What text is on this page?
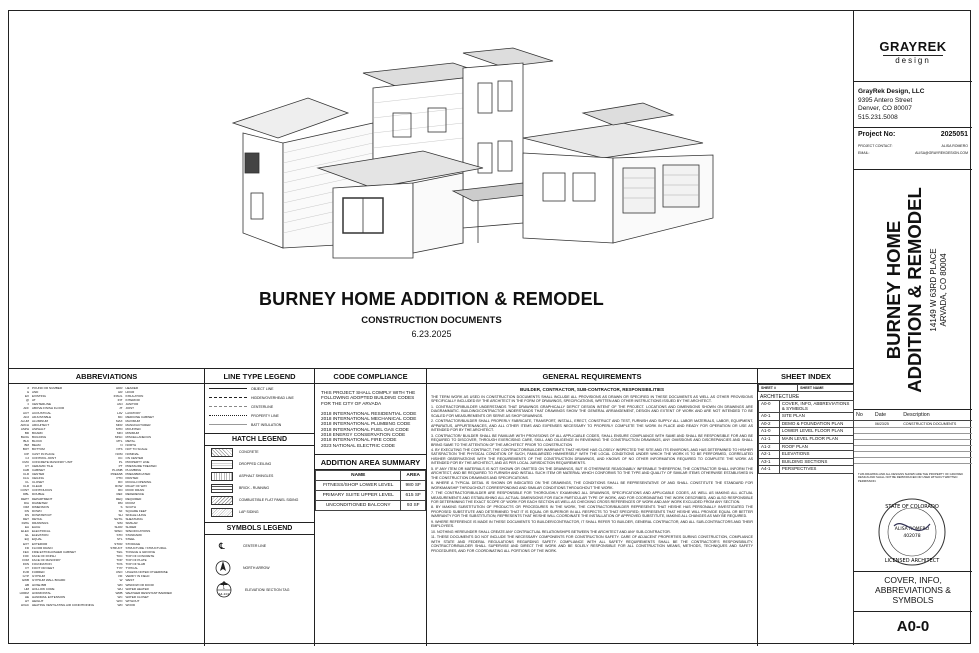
BURNEY HOME ADDITION & REMODEL
CONSTRUCTION DOCUMENTS
6.23.2025
ABBREVIATIONS
# POUND OR NUMBER
& AND
EX EXISTING
@ AT
¢ CENTERLINE
AFF ABOVE FINISH FLOOR
ACT ACOUSTICAL
ADJ ADJUSTABLE
ALUM ALUMINUM
ARCH ARCHITECT
ASPH ASPHALT
BD BOARD
BLDG BUILDING
BLK BLOCK
BM BEAM
BOT BOTTOM
CIP CAST IN PLACE
CJ CONTROL JOINT
CMU CONCRETE MASONRY UNIT
CT CERAMIC TILE
CAB CABINET
CLR CENTER
CLG CEILING
CL CLOSET
CLR CLEAR
CONT CONTINUOUS
DBL DOUBLE
DEPT DEPARTMENT
DIA DIAMETER
DIM DIMENSION
DN DOWN
DS DOWNSPOUT
DET DETAIL
DWG DRAWINGS
EA EACH
ELEC ELECTRICAL
EL ELEVATION
EQ EQUAL
EXT EXTERIOR
FD FLOOR DRAIN
FEC FIRE EXTINGUISHER CABINET
FOF FACE OF FINISH
FOM FACE OF MASONRY
FDN FOUNDATION
FT FOOT OR FEET
FUR FURRED
GYP GYPSUM
GWB GYPSUM WALL BOARD
HB HOSE BIB
HM HOLLOW CORE
HORIZ HORIZONTAL
HE HANDRAIL EXTENSION
HT HEIGHT
HVAC HEATING VENTILATING AIR CONDITIONING
HDR HEADER
HR HOUR
INSUL INSULATION
INT INTERIOR
JAN JANITOR
JT JOIST
LAV LAVATORY
MC MEDICINE CABINET
MAX MAXIMUM
MFR MANUFACTURER
MTD MOUNTED
MIN MINIMUM
MISC MISCELLANEOUS
MTL METAL
N NORTH
NTS NOT TO SCALE
NOM NOMINAL
OC ON CENTER
PL PROPERTY LINE
PT PRESSURE TREATED
PLUMB PLUMBING
PREFAB PREFABRICATED
PTD PAINTED
RO ROUGH OPENING
ROW RIGHT OF WAY
RD ROOF DRAIN
REF REFERENCE
REQ REQUIRED
RM ROOM
S SOUTH
SF SQUARE FEET
SH SINGLE HUNG
SHTG SHEATHING
SIM SIMILAR
SLDR SLIDER
SPEC SPECIFICATIONS
STD STANDARD
STL STEEL
STOR STORAGE
STRUCT STRUCTURE / STRUCTURAL
T&G TONGUE & GROOVE
TOC TOP OF CONCRETE
TOP TOP OF PLATE
TOS TOP OF SLAB
TYP TYPICAL
UNO UNLESS NOTED OTHERWISE
VIF VERIFY IN FIELD
W WEST
WD WINDOW OR DOOR
WH WATER HEATER
WRB WEATHER RESISTANT BARRIER
WC WATER CLOSET
W/O WITHOUT
WD WOOD
LINE TYPE LEGEND
OBJECT LINE
HIDDEN/OVERHEAD LINE
CENTERLINE
PROPERTY LINE
BATT INSULATION
HATCH LEGEND
CONCRETE
DROPPED CEILING
ASPHALT SHINGLES
BRICK - RUNNING
COMBUSTIBLE FLAT PANEL SIDING
LAP SIDING
SYMBOLS LEGEND
℄	CENTER LINE
NORTH ARROW
1
A4-101
ELEVATION/ SECTION TAG
CODE COMPLIANCE

THIS PROJECT SHALL COMPLY WITH THE FOLLOWING ADOPTED BUILDING CODES FOR THE CITY OF ARVADA

2018 INTERNATIONAL RESIDENTIAL CODE
2018 INTERNATIONAL MECHANICAL CODE
2018 INTERNATIONAL PLUMBING CODE
2018 INTERNATIONAL FUEL GAS CODE
2018 ENERGY CONSERVATION CODE
2018 INTERNATIONAL FIRE CODE
2023 NATIONAL ELECTRIC CODE
ADDITION AREA SUMMARY
NAME	AREA
FITNESS/SHOP LOWER LEVEL	980 SF
PRIMARY SUITE UPPER LEVEL	615 SF
UNCONDITIONED BALCONY	93 SF
GENERAL REQUIREMENTS
BUILDER, CONTRACTOR, SUB-CONTRACTOR, RESPONSIBILITIES

THE TERM WORK AS USED IN CONSTRUCTION DOCUMENTS SHALL INCLUDE ALL PROVISIONS AS DRAWN OR SPECIFIED IN THESE DOCUMENTS AS WELL AS OTHER PROVISIONS SPECIFICALLY INCLUDED BY THE ARCHITECT IN THE FORM OF DRAWINGS, SPECIFICATIONS, WRITTEN AND OTHER INSTRUCTIONS ISSUED BY THE ARCHITECT.

1. CONTRACTOR/BUILDER UNDERSTANDS THAT DRAWINGS GRAPHICALLY DEPICT DESIGN INTENT OF THE PROJECT. LOCATIONS AND DIMENSIONS SHOWN ON DRAWINGS ARE DIAGRAMMATIC. BUILDING/CONTRACTOR UNDERSTANDS THAT DRAWINGS SHOW THE GENERAL ARRANGEMENT, DESIGN AND EXTENT OF WORK AND ARE NOT INTENDED TO BE SCALED FOR MEASUREMENTS OR SERVE AS SHOP DRAWINGS.

2. CONTRACTOR/BUILDER SHALL PROPERLY FABRICATE, TRANSPORT, INSTALL, ERECT, CONSTRUCT AND TEST, FURNISH AND SUPPLY ALL LABOR MATERIALS, LABOR, EQUIPMENT, APPARATUS, APPURTENANCES, AND ALL OTHER ITEMS AND EXPENSES NECESSARY TO PROPERLY COMPLETE THE WORK IN PLACE AND READY FOR OPERATION OR USE AS INTENDED FOR BY THE ARCHITECT.

3. CONTRACTOR/ BUILDER SHALL BE FAMILIAR WITH PROVISIONS OF ALL APPLICABLE CODES, SHALL ENSURE COMPLIANCE WITH SAME AND SHALL BE RESPONSIBLE FOR AND BE REQUIRED TO DISCOVER, THROUGH EXERCISING CARE, SKILL AND DILIGENCE IN REVIEWING THE CONSTRUCTION DRAWINGS, ANY OMISSIONS AND DISCREPANCIES AND SHALL BRING SAME TO THE ATTENTION OF THE ARCHITECT PRIOR TO CONSTRUCTION

4. BY EXECUTING THE CONTRACT, THE CONTRACTOR/BUILDER WARRANTS THAT HE/SHE HAS CLOSELY INSPECTED THE SITE AND ITS ENVIRONS, AND HAS DETERMINED TO HIS/HER SATISFACTION THE PHYSICAL CONDITION OF SUCH, FAMILIARIZED HIM/HERSELF WITH THE LOCAL CONDITIONS UNDER WHICH THE WORK IS TO BE PERFORMED, CORRELATED HIS/HER OBSERVATIONS WITH THE REQUIREMENTS OF THE CONSTRUCTION DRAWINGS, AND KNOWS OF NO OTHER INFORMATION REQUIRED TO COMPLETE THE WORK AS INTENDED FOR BY THE ARCHITECT, AND AS PER LOCAL JURISDICTION REQUIREMENTS.

5. IF ANY ITEM OR MATERIALS IS NOT SHOWN OR OMITTED ON THE DRAWINGS, BUT IS OTHERWISE REASONABLY INFERABLE THEREFROM, THE CONTRACTOR SHALL INFORM THE ARCHITECT, AND BE REQUIRED TO FURNISH AND INSTALL SUCH ITEM OR MATERIAL WHICH CONFORMS TO THE TYPE AND QUALITY OF SIMILAR ITEMS OTHERWISE ESTABLISHED IN THE CONSTRUCTION DRAWINGS AND SPECIFICATIONS.

6. WHERE A TYPICAL DETAIL IS SHOWN OR INDICATED ON THE DRAWINGS, THE CONDITIONS SHALL BE REPRESENTATIVE OF AND SHALL CONSTITUTE THE STANDARD FOR WORKMANSHIP THROUGHOUT CORRESPONDING AND SIMILAR CONDITIONS THROUGHOUT THE WORK.

7. THE CONTRACTOR/BUILDER ARE RESPONSIBLE FOR THOROUGHLY EXAMINING ALL DRAWINGS, SPECIFICATIONS AND APPLICABLE CODES, AS WELL AS MAKING ALL ACTUAL MEASUREMENTS AND ESTABLISHING ALL ACTUAL DIMENSIONS FOR EACH PARTICULAR TYPE OF WORK, AND FOR COORDINATING THE WORK DESCRIBED, AND ALSO RESPONSIBLE FOR DETERMINING THE EXACT SCOPE OF WORK FOR EACH SECTION AS WELL AS CHECKING CROSS REFERENCES OF WORK AND ANY WORK EXCLUDED FROM ANY SECTION.

8. BY MAKING SUBSTITUTION OF PRODUCTS OR PROCEDURES IN THE WORK, THE CONTRACTOR/BUILDER REPRESENTS THAT HE/SHE HAS PERSONALLY INVESTIGATED THE PROPOSED SUBSTITUTE AND DETERMINED THAT IT IS EQUAL OR SUPERIOR IN ALL RESPECTS TO THAT SPECIFIED; REPRESENTS THAT HE/SHE WILL PROVIDE EQUAL OR BETTER WARRANTY FOR THE SUBSTITUTION; REPRESENTS THAT HE/SHE WILL COORDINATE THE INSTALLATION OF APPROVED SUBSTITUTE, MAKING ALL CHANGES AS MAY BE REQUIRED.

9. WHERE REFERENCE IS MADE IN THESE DOCUMENTS TO BUILDER/CONTRACTOR, IT SHALL REFER TO BUILDER, GENERAL CONTRACTOR, AND ALL SUB-CONTRACTORS AND THEIR EMPLOYEES.

10. NOTHING HEREUNDER SHALL CREATE ANY CONTRACTUAL RELATIONSHIPS BETWEEN THE ARCHITECT AND ANY SUB-CONTRACTOR.

11. THESE DOCUMENTS DO NOT INCLUDE THE NECESSARY COMPONENTS FOR CONSTRUCTION SAFETY. CARE OF ADJACENT PROPERTIES DURING CONSTRUCTION, COMPLIANCE WITH STATE AND FEDERAL REGULATIONS REGARDING SAFETY. COMPLIANCE WITH ALL SAFETY REQUIREMENTS SHALL BE THE CONTRACTOR'S RESPONSIBILITY. CONTRACTOR/BUILDER SHALL SUPERVISE AND DIRECT THE WORK AND BE SOLELY RESPONSIBLE FOR ALL CONSTRUCTION MEANS, METHODS, TECHNIQUES AND SAFETY PROCEDURES, AND FOR COORDINATING ALL PORTIONS OF THE WORK.

SHEET INDEX
SHEET #	SHEET NAME
ARCHITECTURE
A0-0	COVER, INFO, ABBREVIATIONS & SYMBOLS
A0-1	SITE PLAN
A0-2	DEMO & FOUNDATION PLAN
A1-0	LOWER LEVEL FLOOR PLAN
A1-1	MAIN LEVEL FLOOR PLAN
A1-2	ROOF PLAN
A2-1	ELEVATIONS
A3-1	BUILDING SECTIONS
A4-1	PERSPECTIVES
GRAYREK
design
GrayRek Design, LLC
9395 Antero Street
Denver, CO 80007
515.231.5008
Project No:	2025051
PROJECT CONTACT:	ALISA ROMERO
EMAIL:	ALISA@GRAYREKDESIGN.COM
BURNEY HOME ADDITION & REMODEL 14149 W 63RD PLACE ARVADA, CO 80004
No	Date	Description
	06/23/25	CONSTRUCTION DOCUMENTS

THIS DRAWING AND ALL DESIGNS SHOWN ARE THE PROPERTY OF GRAYREK DESIGN AND SHALL NOT BE REPRODUCED OR USED WITHOUT WRITTEN PERMISSION.
STATE OF COLORADO
ALISA ROMERO
402078
LICENSED ARCHITECT
COVER, INFO,
ABBREVIATIONS &
SYMBOLS
A0-0
